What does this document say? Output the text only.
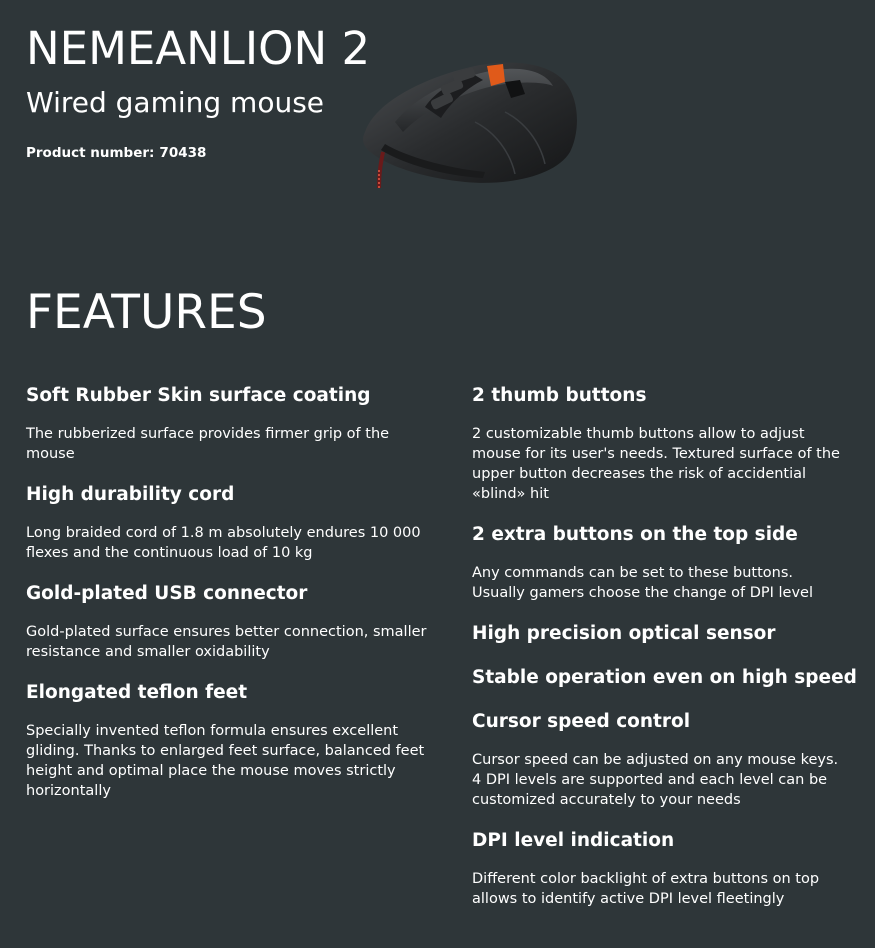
NEMEANLION 2
Wired gaming mouse
Product number: 70438
FEATURES
Soft Rubber Skin surface coating

The rubberized surface provides firmer grip of the mouse

High durability cord

Long braided cord of 1.8 m absolutely endures 10 000 flexes and the continuous load of 10 kg

Gold-plated USB connector

Gold-plated surface ensures better connection, smaller resistance and smaller oxidability

Elongated teflon feet

Specially invented teflon formula ensures excellent gliding. Thanks to enlarged feet surface, balanced feet height and optimal place the mouse moves strictly horizontally

2 thumb buttons

2 customizable thumb buttons allow to adjust mouse for its user's needs. Textured surface of the upper button decreases the risk of accidential «blind» hit

2 extra buttons on the top side

Any commands can be set to these buttons. Usually gamers choose the change of DPI level

High precision optical sensor
Stable operation even on high speed
Cursor speed control

Cursor speed can be adjusted on any mouse keys. 4 DPI levels are supported and each level can be customized accurately to your needs

DPI level indication

Different color backlight of extra buttons on top allows to identify active DPI level fleetingly
